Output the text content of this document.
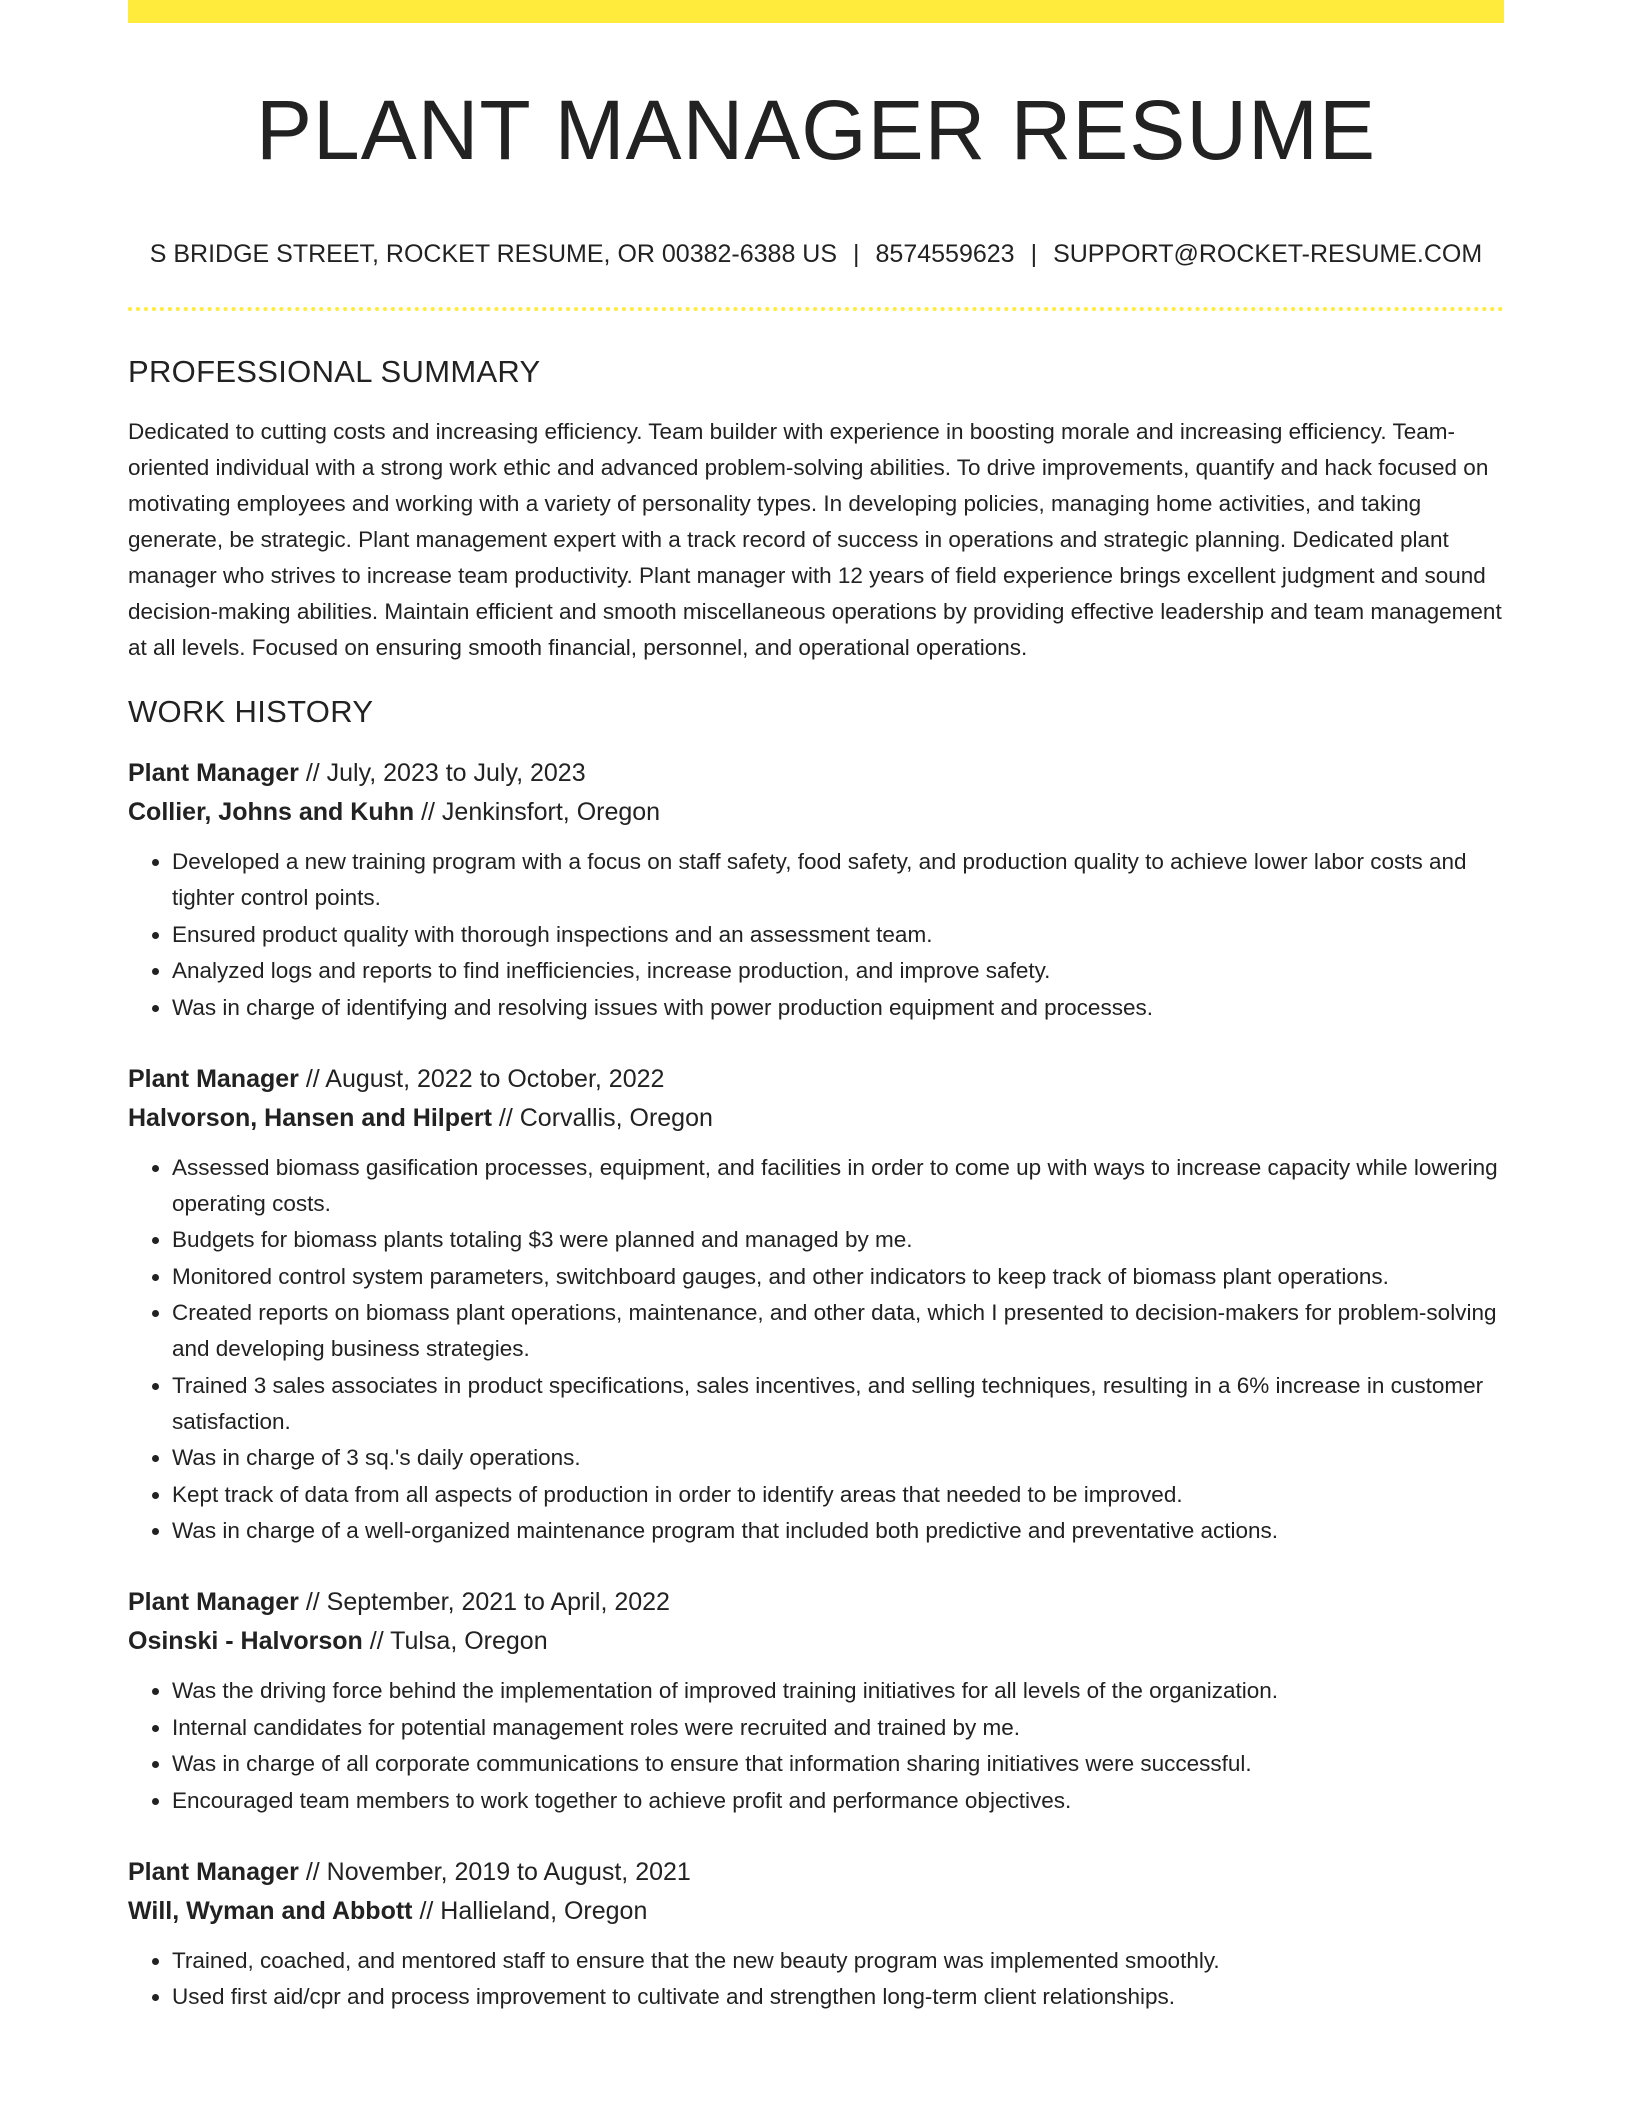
PLANT MANAGER RESUME
S BRIDGE STREET, ROCKET RESUME, OR 00382-6388 US | 8574559623 | SUPPORT@ROCKET-RESUME.COM
PROFESSIONAL SUMMARY

Dedicated to cutting costs and increasing efficiency. Team builder with experience in boosting morale and increasing efficiency. Team-oriented individual with a strong work ethic and advanced problem-solving abilities. To drive improvements, quantify and hack focused on motivating employees and working with a variety of personality types. In developing policies, managing home activities, and taking generate, be strategic. Plant management expert with a track record of success in operations and strategic planning. Dedicated plant manager who strives to increase team productivity. Plant manager with 12 years of field experience brings excellent judgment and sound decision-making abilities. Maintain efficient and smooth miscellaneous operations by providing effective leadership and team management at all levels. Focused on ensuring smooth financial, personnel, and operational operations.

WORK HISTORY

Plant Manager // July, 2023 to July, 2023

Collier, Johns and Kuhn // Jenkinsfort, Oregon

• Developed a new training program with a focus on staff safety, food safety, and production quality to achieve lower labor costs and tighter control points.
• Ensured product quality with thorough inspections and an assessment team.
• Analyzed logs and reports to find inefficiencies, increase production, and improve safety.
• Was in charge of identifying and resolving issues with power production equipment and processes.

Plant Manager // August, 2022 to October, 2022

Halvorson, Hansen and Hilpert // Corvallis, Oregon

• Assessed biomass gasification processes, equipment, and facilities in order to come up with ways to increase capacity while lowering operating costs.
• Budgets for biomass plants totaling $3 were planned and managed by me.
• Monitored control system parameters, switchboard gauges, and other indicators to keep track of biomass plant operations.
• Created reports on biomass plant operations, maintenance, and other data, which I presented to decision-makers for problem-solving and developing business strategies.
• Trained 3 sales associates in product specifications, sales incentives, and selling techniques, resulting in a 6% increase in customer satisfaction.
• Was in charge of 3 sq.'s daily operations.
• Kept track of data from all aspects of production in order to identify areas that needed to be improved.
• Was in charge of a well-organized maintenance program that included both predictive and preventative actions.

Plant Manager // September, 2021 to April, 2022

Osinski - Halvorson // Tulsa, Oregon

• Was the driving force behind the implementation of improved training initiatives for all levels of the organization.
• Internal candidates for potential management roles were recruited and trained by me.
• Was in charge of all corporate communications to ensure that information sharing initiatives were successful.
• Encouraged team members to work together to achieve profit and performance objectives.

Plant Manager // November, 2019 to August, 2021

Will, Wyman and Abbott // Hallieland, Oregon

• Trained, coached, and mentored staff to ensure that the new beauty program was implemented smoothly.
• Used first aid/cpr and process improvement to cultivate and strengthen long-term client relationships.
